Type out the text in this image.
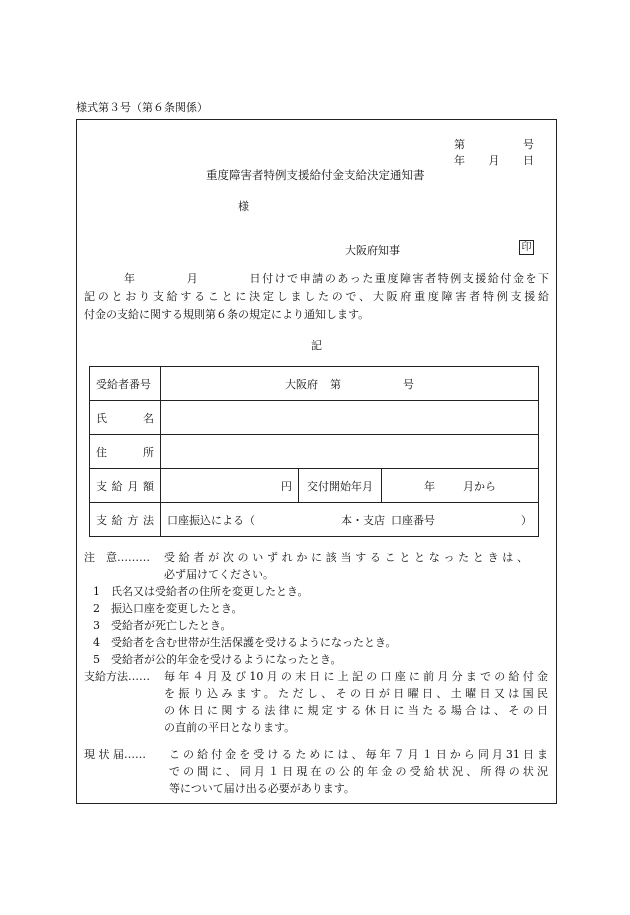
様式第３号（第６条関係）
第	号
年 月 日
重度障害者特例支援給付金支給決定通知書
様
大阪府知事	印
年　　　　	月　　　　	日付けで申請のあった重度障害者特例支援給付金を下
記のとおり支給することに決定しましたので、大阪府重度障害者特例支援給
付金の支給に関する規則第６条の規定により通知します。
記
受給者番号	大阪府 第 号		

氏 名			

住 所			

支 給 月 額	円	交付開始年月	年 月から

支 給 方 法	口座振込による（ 本・支店 口座番号 ）		
注　意……… 受給者が次のいずれかに該当することとなったときは、
必ず届けてください。
1 氏名又は受給者の住所を変更したとき。
2 振込口座を変更したとき。
3 受給者が死亡したとき。
4 受給者を含む世帯が生活保護を受けるようになったとき。
5 受給者が公的年金を受けるようになったとき。
支給方法…… 毎年４月及び10月の末日に上記の口座に前月分までの給付金
を振り込みます。ただし、その日が日曜日、土曜日又は国民
の休日に関する法律に規定する休日に当たる場合は、その日
の直前の平日となります。
現 状 届…… この給付金を受けるためには、毎年７月１日から同月31日ま
での間に、同月１日現在の公的年金の受給状況、所得の状況
等について届け出る必要があります。
